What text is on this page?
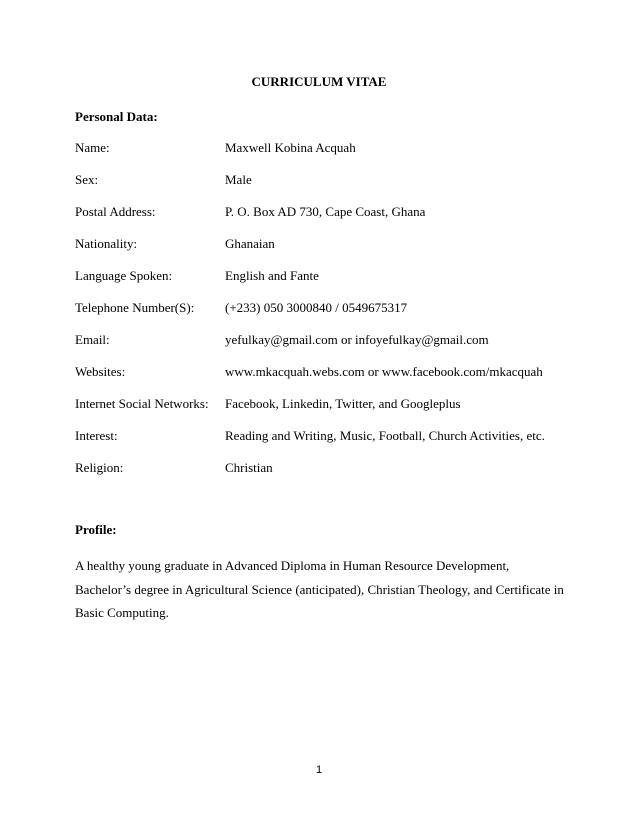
CURRICULUM VITAE
Personal Data:
Name:	Maxwell Kobina Acquah
Sex:	Male
Postal Address:	P. O. Box AD 730, Cape Coast, Ghana
Nationality:	Ghanaian
Language Spoken:	English and Fante
Telephone Number(S): (+233) 050 3000840 / 0549675317
Email:	yefulkay@gmail.com or infoyefulkay@gmail.com
Websites:	www.mkacquah.webs.com or www.facebook.com/mkacquah
Internet Social Networks: Facebook, Linkedin, Twitter, and Googleplus
Interest:	Reading and Writing, Music, Football, Church Activities, etc.
Religion:	Christian
Profile:
A healthy young graduate in Advanced Diploma in Human Resource Development, Bachelor’s degree in Agricultural Science (anticipated), Christian Theology, and Certificate in Basic Computing.
1
